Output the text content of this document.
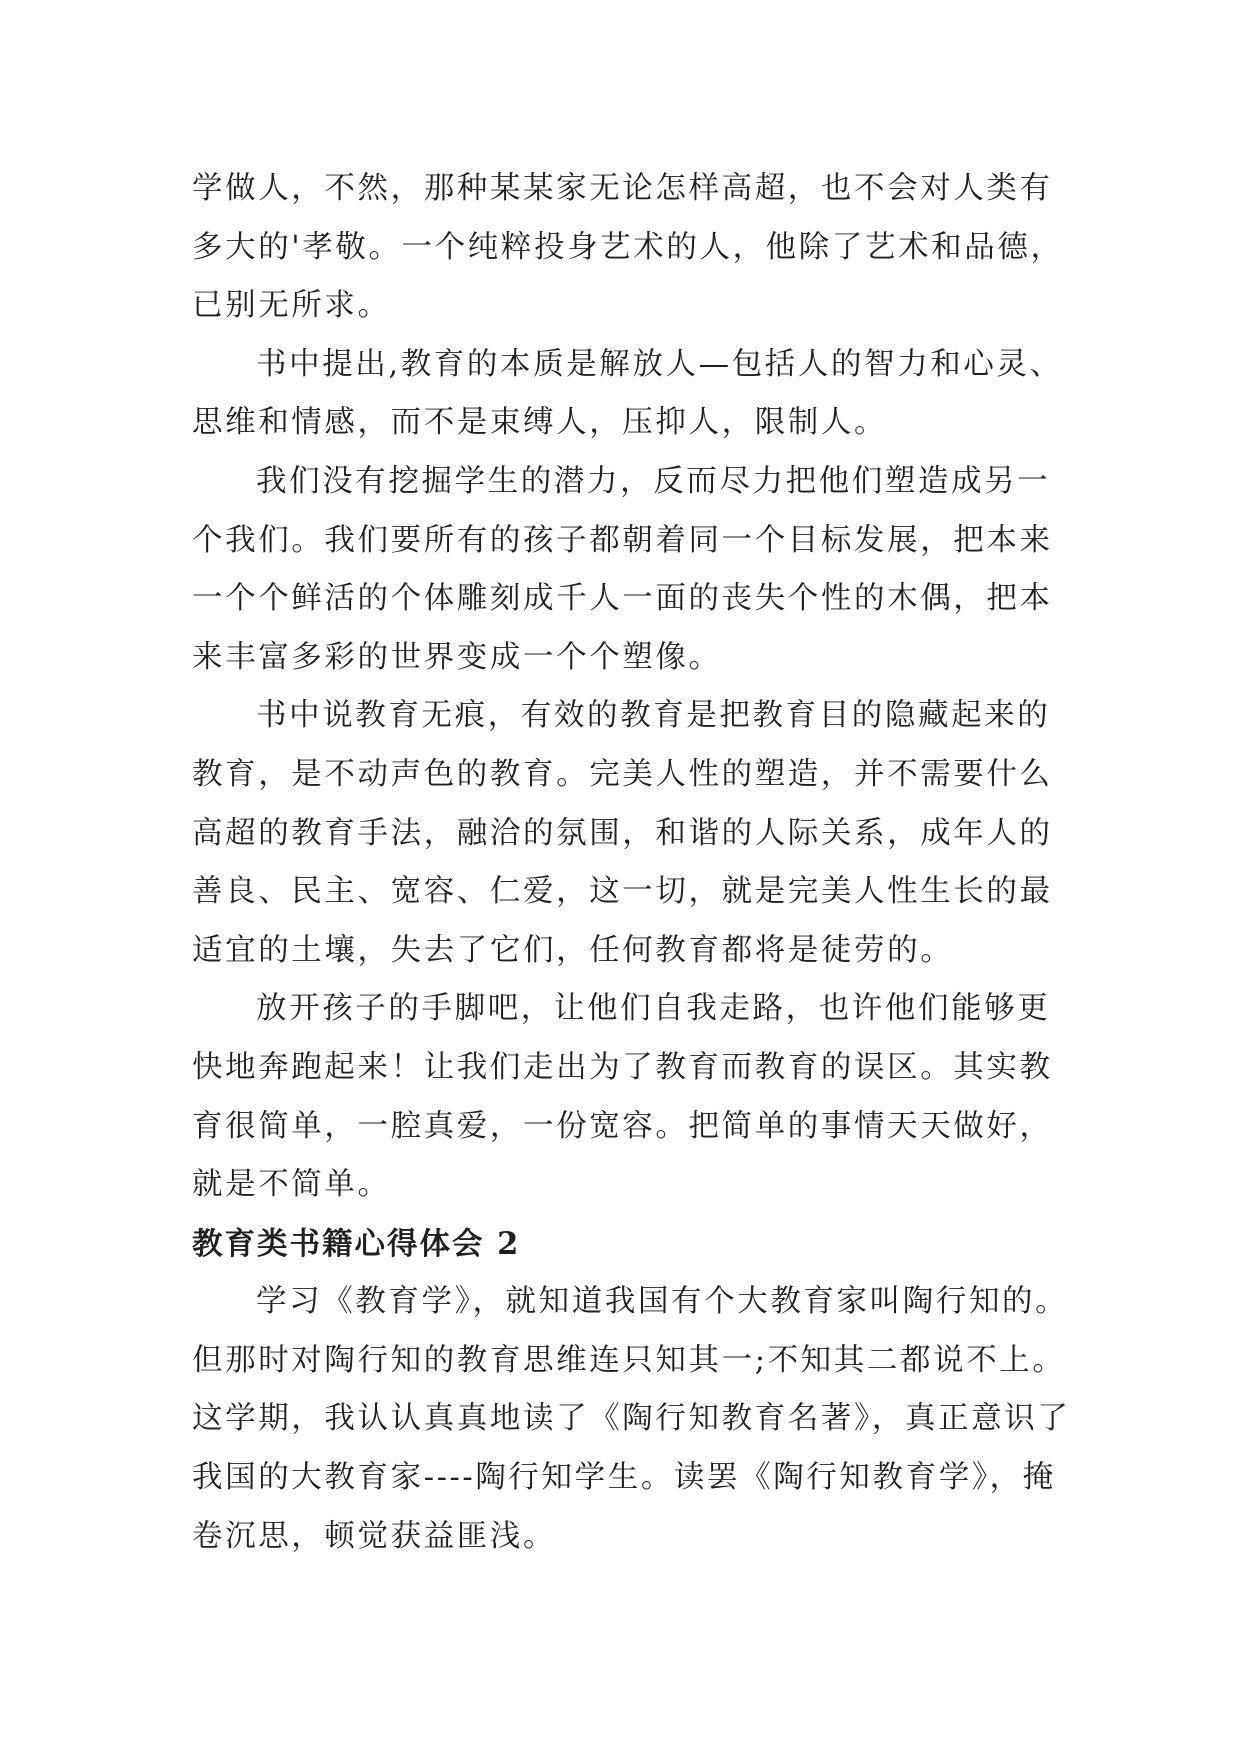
学做人，不然，那种某某家无论怎样高超，也不会对人类有多大的'孝敬。一个纯粹投身艺术的人，他除了艺术和品德，已别无所求。

书中提出,教育的本质是解放人—包括人的智力和心灵、思维和情感，而不是束缚人，压抑人，限制人。

我们没有挖掘学生的潜力，反而尽力把他们塑造成另一个我们。我们要所有的孩子都朝着同一个目标发展，把本来一个个鲜活的个体雕刻成千人一面的丧失个性的木偶，把本来丰富多彩的世界变成一个个塑像。

书中说教育无痕，有效的教育是把教育目的隐藏起来的教育，是不动声色的教育。完美人性的塑造，并不需要什么高超的教育手法，融洽的氛围，和谐的人际关系，成年人的善良、民主、宽容、仁爱，这一切，就是完美人性生长的最适宜的土壤，失去了它们，任何教育都将是徒劳的。

放开孩子的手脚吧，让他们自我走路，也许他们能够更快地奔跑起来！让我们走出为了教育而教育的误区。其实教育很简单，一腔真爱，一份宽容。把简单的事情天天做好，就是不简单。

教育类书籍心得体会 2

学习《教育学》，就知道我国有个大教育家叫陶行知的。但那时对陶行知的教育思维连只知其一;不知其二都说不上。这学期，我认认真真地读了《陶行知教育名著》，真正意识了我国的大教育家----陶行知学生。读罢《陶行知教育学》，掩卷沉思，顿觉获益匪浅。
